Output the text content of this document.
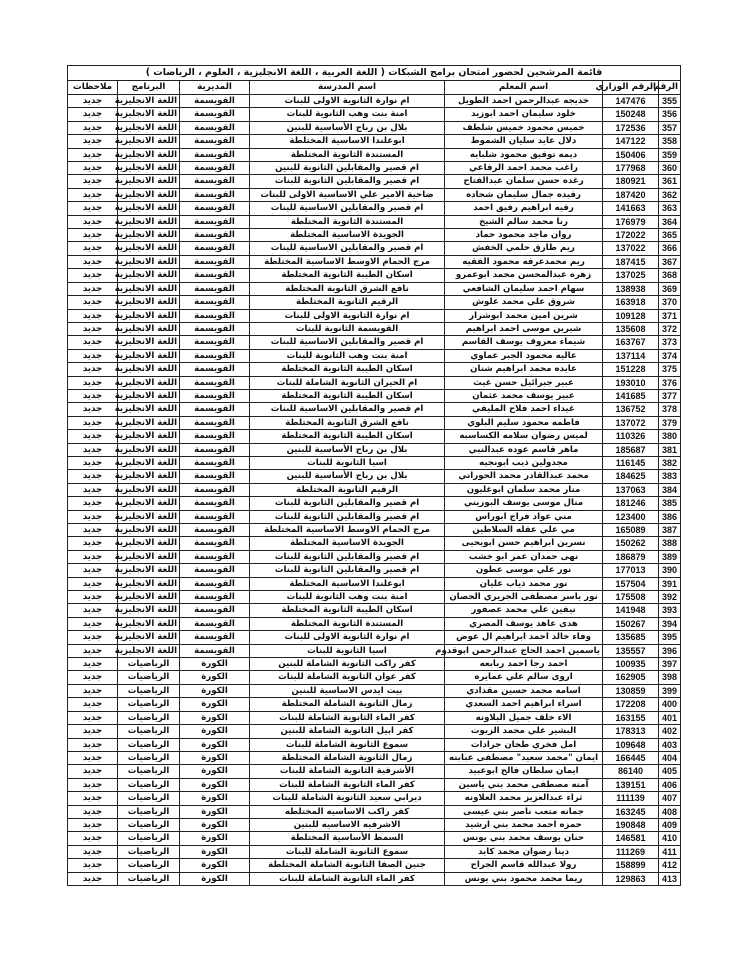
قائمة المرشحين لحضور امتحان برامج الشبكات ( اللغة العربية ، اللغة الانجليزية ، العلوم ، الرياضات )						
الرقم	الرقم الوزاري	اسم المعلم	اسم المدرسة	المديرية	البرنامج	ملاحظات
355	147476	خديجه عبدالرحمن احمد الطويل	ام نوارة الثانوية الاولى للبنات	القويسمة	اللغة الانجليزية	جديد
356	150248	خلود سليمان احمد ابوزيد	امنة بنت وهب الثانوية للبنات	القويسمة	اللغة الانجليزية	جديد
357	172536	خميس محمود خميس شلطف	بلال بن رباح الأساسية للبنين	القويسمة	اللغة الانجليزية	جديد
358	147122	دلال عايد سليان الشموط	ابوعلندا الاساسية المختلطة	القويسمة	اللغة الانجليزية	جديد
359	150406	ديمه توفيق محمود شلبايه	المستندة الثانوية المختلطة	القويسمة	اللغة الانجليزية	جديد
360	177968	راغب محمد احمد الرفاعي	ام قصير والمقابلين الثانوية للبنين	القويسمة	اللغة الانجليزية	جديد
361	180921	رغده حسن سلمان عبدالفتاح	ام قصير والمقابلين الثانوية للبنات	القويسمة	اللغة الانجليزية	جديد
362	187420	رفيده جمال سليمان شحاده	ضاحية الامير علي الاساسية الاولى للبنات	القويسمة	اللغة الانجليزية	جديد
363	141663	رقيه ابراهيم رفيق احمد	ام قصير والمقابلين الاساسية للبنات	القويسمة	اللغة الانجليزية	جديد
364	176979	رنا محمد سالم الشيخ	المستندة الثانوية المختلطة	القويسمة	اللغة الانجليزية	جديد
365	172022	روان ماجد محمود حماد	الجويدة الاساسية المختلطة	القويسمة	اللغة الانجليزية	جديد
366	137022	ريم طارق حلمي الخفش	ام قصير والمقابلين الاساسية للبنات	القويسمة	اللغة الانجليزية	جديد
367	187415	ريم محمدعرفه محمود الفقيه	مرج الحمام الاوسط الاساسية المختلطة	القويسمة	اللغة الانجليزية	جديد
368	137025	زهره عبدالمحسن محمد ابوعمرو	اسكان الطيبة الثانوية المختلطة	القويسمة	اللغة الانجليزية	جديد
369	138938	سهام احمد سليمان الشافعي	نافع الشرق الثانوية المختلطة	القويسمة	اللغة الانجليزية	جديد
370	163918	شروق علي محمد علوش	الرقيم الثانوية المختلطة	القويسمة	اللغة الانجليزية	جديد
371	109128	شرين امين محمد ابوشرار	ام نوارة الثانوية الاولى للبنات	القويسمة	اللغة الانجليزية	جديد
372	135608	شيرين موسى احمد ابراهيم	القويسمة الثانوية للبنات	القويسمة	اللغة الانجليزية	جديد
373	163767	شيماء معروف يوسف القاسم	ام قصير والمقابلين الاساسية للبنات	القويسمة	اللغة الانجليزية	جديد
374	137114	عاليه محمود الجبر عماوي	امنة بنت وهب الثانوية للبنات	القويسمة	اللغة الانجليزية	جديد
375	151228	عايده محمد ابراهيم شنان	اسكان الطيبة الثانوية المختلطة	القويسمة	اللغة الانجليزية	جديد
376	193010	عبير جبرائيل حسن غيث	ام الحيران الثانوية الشاملة للبنات	القويسمة	اللغة الانجليزية	جديد
377	141685	عبير يوسف محمد عثمان	اسكان الطيبة الثانوية المختلطة	القويسمة	اللغة الانجليزية	جديد
378	136752	غيداء احمد فلاح المليفي	ام قصير والمقابلين الاساسية للبنات	القويسمة	اللغة الانجليزية	جديد
379	137072	فاطمه محمود سليم البلوي	نافع الشرق الثانوية المختلطة	القويسمة	اللغة الانجليزية	جديد
380	110326	لميس رضوان سلامه الكساسبه	اسكان الطيبة الثانوية المختلطة	القويسمة	اللغة الانجليزية	جديد
381	185687	ماهر قاسم عوده عبدالنبي	بلال بن رباح الأساسية للبنين	القويسمة	اللغة الانجليزية	جديد
382	116145	مجدولين ذيب ابونجيه	اسيا الثانوية للبنات	القويسمة	اللغة الانجليزية	جديد
383	184625	محمد عبدالقادر محمد الحوراني	بلال بن رباح الأساسية للبنين	القويسمة	اللغة الانجليزية	جديد
384	137063	منار محمد سلمان ابوغليون	الرقيم الثانوية المختلطة	القويسمة	اللغة الانجليزية	جديد
385	181246	منال موسى يوسف البوريني	ام قصير والمقابلين الثانوية للبنات	القويسمة	اللغة الانجليزية	جديد
386	123400	مني عواد فراج ابوراس	ام قصير والمقابلين الثانوية للبنات	القويسمة	اللغة الانجليزية	جديد
387	165089	مي علي عقله السلاطين	مرج الحمام الاوسط الاساسية المختلطة	القويسمة	اللغة الانجليزية	جديد
388	150262	نسرين ابراهيم حسن ابويحيى	الجويدة الاساسية المختلطة	القويسمة	اللغة الانجليزية	جديد
389	186879	نهى حمدان عمر ابو خشب	ام قصير والمقابلين الثانوية للبنات	القويسمة	اللغة الانجليزية	جديد
390	177013	نور علي موسى عطون	ام قصير والمقابلين الثانوية للبنات	القويسمة	اللغة الانجليزية	جديد
391	157504	نور محمد ذياب عليان	ابوعلندا الاساسية المختلطة	القويسمة	اللغة الانجليزية	جديد
392	175508	نور ياسر مصطفى الجريري الحصان	امنة بنت وهب الثانوية للبنات	القويسمة	اللغة الانجليزية	جديد
393	141948	نيفين علي محمد عصفور	اسكان الطيبة الثانوية المختلطة	القويسمة	اللغة الانجليزية	جديد
394	150267	هدى عاهد يوسف المصري	المستندة الثانوية المختلطة	القويسمة	اللغة الانجليزية	جديد
395	135685	وفاء خالد احمد ابراهيم ال عوض	ام نوارة الثانوية الاولى للبنات	القويسمة	اللغة الانجليزية	جديد
396	135557	ياسمين احمد الحاج عبدالرحمن ابوقدوم	اسيا الثانوية للبنات	القويسمة	اللغة الانجليزية	جديد
397	100935	احمد رجا احمد ربابعه	كفر راكب الثانوية الشاملة للبنين	الكورة	الرياضيات	جديد
398	162905	اروى سالم علي عمايره	كفر عوان الثانوية الشاملة للبنات	الكورة	الرياضيات	جديد
399	130859	اسامه محمد حسين مقدادي	بيت ايدس الاساسية للبنين	الكورة	الرياضيات	جديد
400	172208	اسراء ابراهيم احمد السعدي	زمال الثانوية الشاملة المختلطة	الكورة	الرياضيات	جديد
401	163155	الاء خلف جميل البلاونه	كفر الماء الثانوية الشاملة للبنات	الكورة	الرياضيات	جديد
402	178313	البشير علي محمد الزيوت	كفر ابيل الثانوية الشاملة للبنين	الكورة	الرياضيات	جديد
403	109648	امل فخري طحان جرادات	سموع الثانوية الشاملة للبنات	الكورة	الرياضيات	جديد
404	166445	ايمان "محمد سعيد" مصطفى عبابنه	زمال الثانوية الشاملة المختلطة	الكورة	الرياضيات	جديد
405	86140	ايمان سلطان فالح ابوعبيد	الأشرفية الثانوية الشاملة للبنات	الكورة	الرياضيات	جديد
406	139151	آمنه مصطفى محمد بني ياسين	كفر الماء الثانوية الشاملة للبنات	الكورة	الرياضيات	جديد
407	111139	ثراء عبدالعزيز محمد العلاونه	ديرابي سعيد الثانوية الشاملة للبنات	الكورة	الرياضيات	جديد
408	163245	جمانه متعب ناصر بني عيسى	كفر راكب الاساسيه المختلطه	الكورة	الرياضيات	جديد
409	190848	حمزه احمد محمد بني ارشيد	الاشرفيه الاساسيه للبنين	الكورة	الرياضيات	جديد
410	146581	حنان يوسف محمد بني يونس	السمط الأساسية المختلطة	الكورة	الرياضيات	جديد
411	111269	دينا رضوان محمد كايد	سموع الثانوية الشاملة للبنات	الكورة	الرياضيات	جديد
412	158899	رولا عبدالله قاسم الجراح	جنين الصفا الثانوية الشاملة المختلطة	الكورة	الرياضيات	جديد
413	129863	ريما محمد محمود بني يونس	كفر الماء الثانوية الشاملة للبنات	الكورة	الرياضيات	جديد
